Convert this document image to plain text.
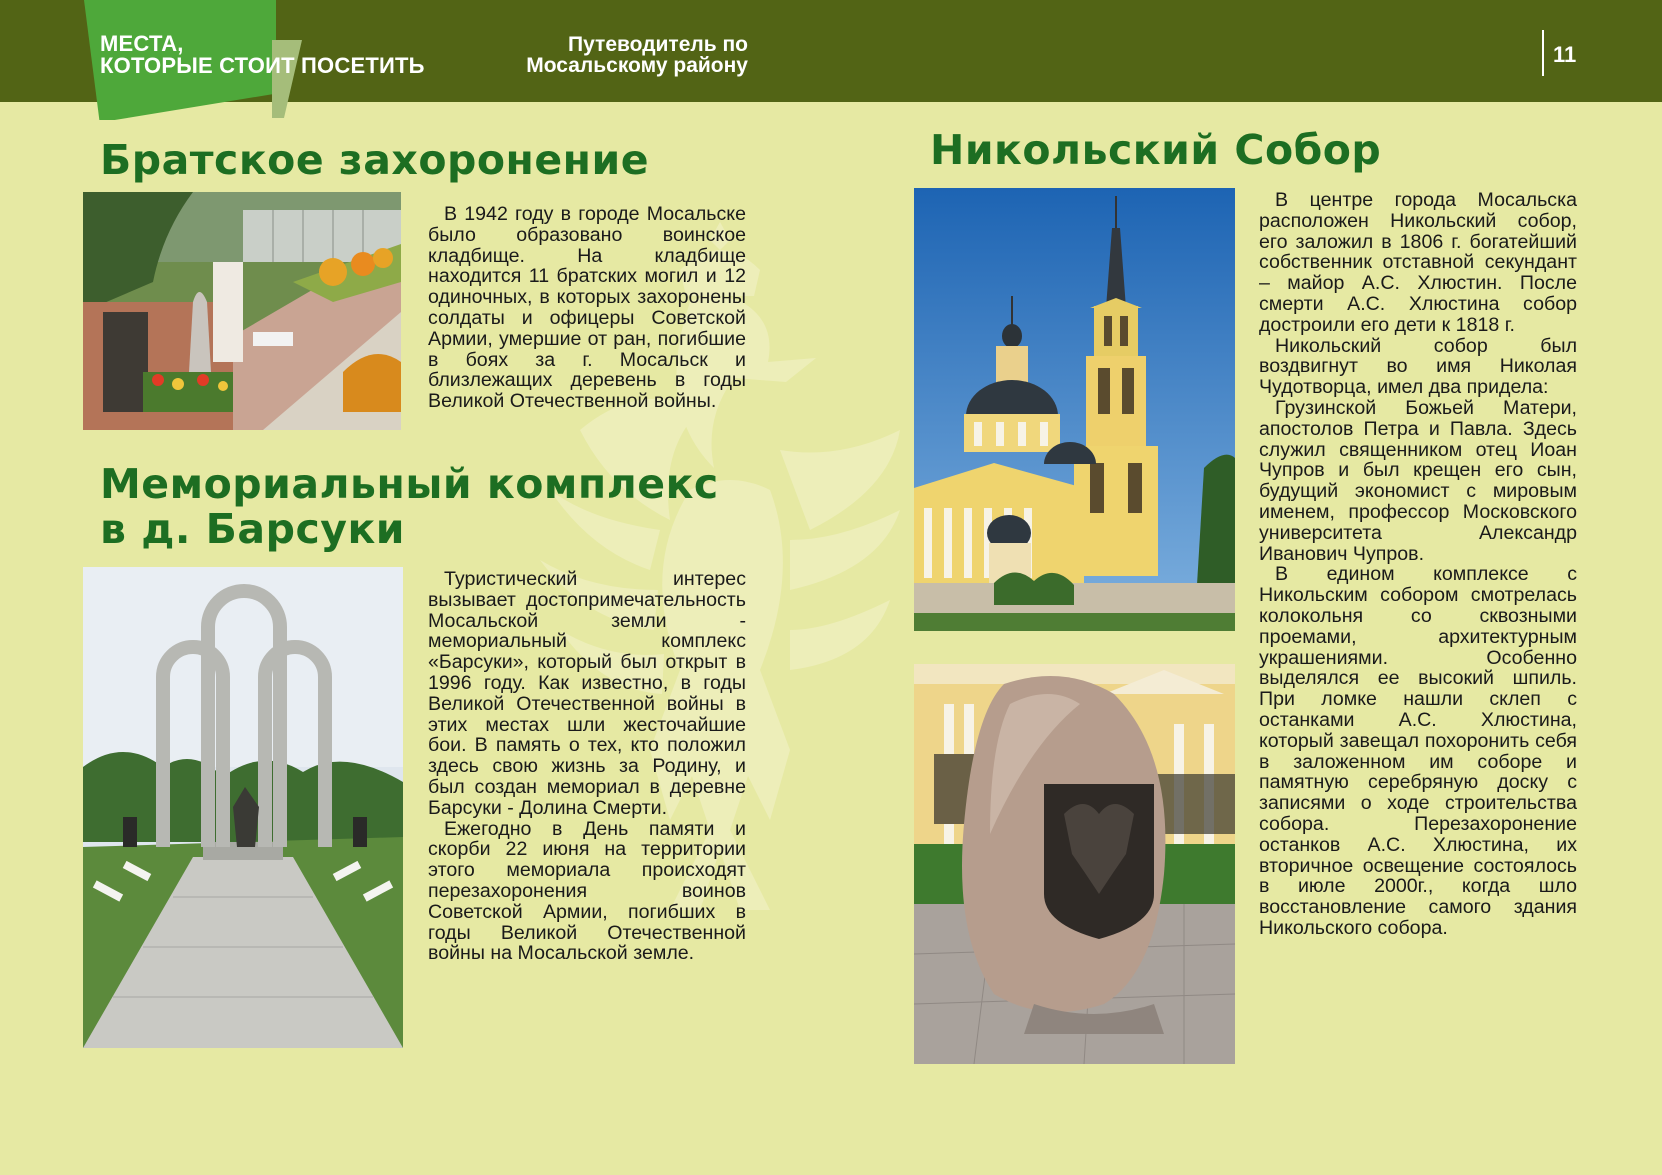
МЕСТА,
КОТОРЫЕ СТОИТ ПОСЕТИТЬ
Путеводитель по
Мосальскому району	11
Братское захоронение

В 1942 году в городе Мосальске было образовано воинское кладбище. На кладбище находится 11 братских могил и 12 одиночных, в которых захоронены солдаты и офицеры Советской Армии, умершие от ран, погибшие в боях за г. Мосальск и близлежащих деревень в годы Великой Отечественной войны.

Мемориальный комплекс
в д. Барсуки

Туристический интерес вызывает достопримечательность Мосальской земли - мемориальный комплекс «Барсуки», который был открыт в 1996 году. Как известно, в годы Великой Отечественной войны в этих местах шли жесточайшие бои. В память о тех, кто положил здесь свою жизнь за Родину, и был создан мемориал в деревне Барсуки - Долина Смерти.

Ежегодно в День памяти и скорби 22 июня на территории этого мемориала происходят перезахоронения воинов Советской Армии, погибших в годы Великой Отечественной войны на Мосальской земле.

Никольский Собор

В центре города Мосальска расположен Никольский собор, его заложил в 1806 г. богатейший собственник отставной секундант – майор А.С. Хлюстин. После смерти А.С. Хлюстина собор достроили его дети к 1818 г.

Никольский собор был воздвигнут во имя Николая Чудотворца, имел два придела:

Грузинской Божьей Матери, апостолов Петра и Павла. Здесь служил священником отец Иоан Чупров и был крещен его сын, будущий экономист с мировым именем, профессор Московского университета Александр Иванович Чупров.

В едином комплексе с Никольским собором смотрелась колокольня со сквозными проемами, архитектурным украшениями. Особенно выделялся ее высокий шпиль. При ломке нашли склеп с останками А.С. Хлюстина, который завещал похоронить себя в заложенном им соборе и памятную серебряную доску с записями о ходе строительства собора. Перезахоронение останков А.С. Хлюстина, их вторичное освещение состоялось в июле 2000г., когда шло восстановление самого здания Никольского собора.
